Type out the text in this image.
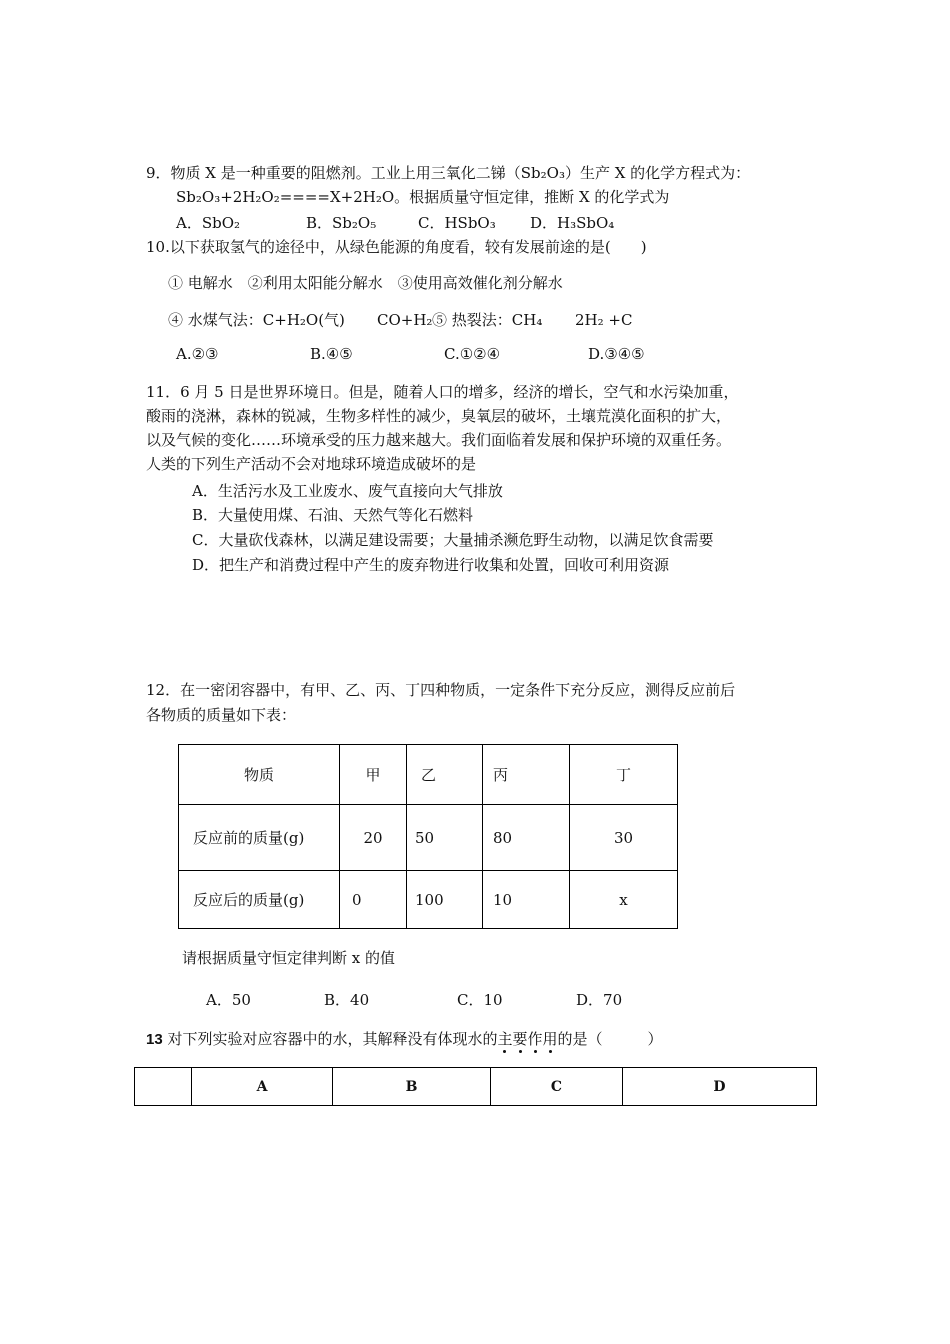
9．物质 X 是一种重要的阻燃剂。工业上用三氧化二锑（Sb₂O₃）生产 X 的化学方程式为：
Sb₂O₃+2H₂O₂====X+2H₂O。根据质量守恒定律，推断 X 的化学式为
A．SbO₂	B．Sb₂O₅	C．HSbO₃ D．H₃SbO₄
10.以下获取氢气的途径中，从绿色能源的角度看，较有发展前途的是(　　)
① 电解水　②利用太阳能分解水　③使用高效催化剂分解水
④ 水煤气法：C+H₂O(气) CO+H₂ ⑤ 热裂法：CH₄ 2H₂ +C
A.②③	B.④⑤	C.①②④	D.③④⑤
11．6 月 5 日是世界环境日。但是，随着人口的增多，经济的增长，空气和水污染加重，
酸雨的浇淋，森林的锐减，生物多样性的减少，臭氧层的破坏，土壤荒漠化面积的扩大，
以及气候的变化……环境承受的压力越来越大。我们面临着发展和保护环境的双重任务。
人类的下列生产活动不会对地球环境造成破坏的是
A．生活污水及工业废水、废气直接向大气排放
B．大量使用煤、石油、天然气等化石燃料
C．大量砍伐森林，以满足建设需要；大量捕杀濒危野生动物，以满足饮食需要
D．把生产和消费过程中产生的废弃物进行收集和处置，回收可利用资源
12．在一密闭容器中，有甲、乙、丙、丁四种物质，一定条件下充分反应，测得反应前后
各物质的质量如下表：
物质	甲	乙	丙	丁
反应前的质量(g)	20	50	80	30
反应后的质量(g)	0	100	10	x
请根据质量守恒定律判断 x 的值
A．50	B．40	C．10	D．70
13 对下列实验对应容器中的水，其解释没有体现水的主要作用的是（　　　）
	A	B	C	D
